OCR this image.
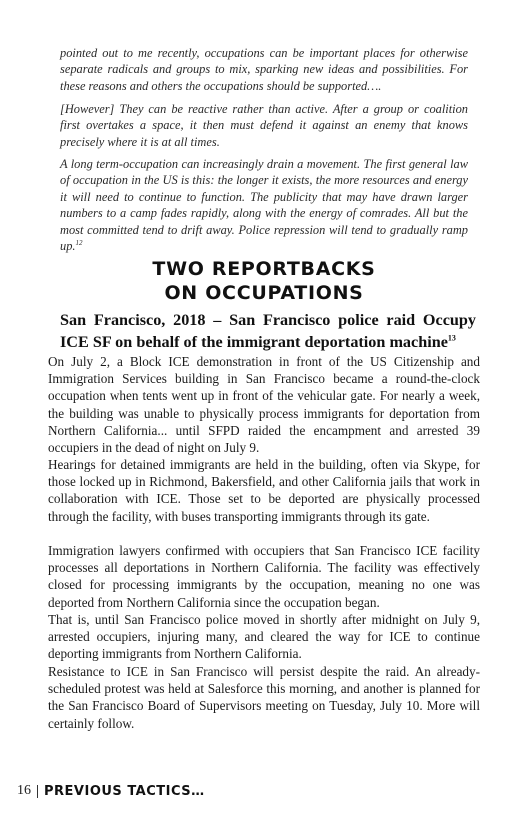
pointed out to me recently, occupations can be important places for otherwise separate radicals and groups to mix, sparking new ideas and possibilities. For these reasons and others the occupations should be supported….

[However] They can be reactive rather than active. After a group or coalition first overtakes a space, it then must defend it against an enemy that knows precisely where it is at all times.

A long term-occupation can increasingly drain a movement. The first general law of occupation in the US is this: the longer it exists, the more resources and energy it will need to continue to function. The publicity that may have drawn larger numbers to a camp fades rapidly, along with the energy of comrades. All but the most committed tend to drift away. Police repression will tend to gradually ramp up.$^{12}$

TWO REPORTBACKS
ON OCCUPATIONS
San Francisco, 2018 – San Francisco police raid Occupy
ICE SF on behalf of the immigrant deportation machine$^{13}$

On July 2, a Block ICE demonstration in front of the US Citizenship and Immigration Services building in San Francisco became a round-the-clock occupation when tents went up in front of the vehicular gate. For nearly a week, the building was unable to physically process immigrants for deportation from Northern California... until SFPD raided the encampment and arrested 39 occupiers in the dead of night on July 9.

Hearings for detained immigrants are held in the building, often via Skype, for those locked up in Richmond, Bakersfield, and other California jails that work in collaboration with ICE. Those set to be deported are physically processed through the facility, with buses transporting immigrants through its gate.

Immigration lawyers confirmed with occupiers that San Francisco ICE facility processes all deportations in Northern California. The facility was effectively closed for processing immigrants by the occupation, meaning no one was deported from Northern California since the occupation began.

That is, until San Francisco police moved in shortly after midnight on July 9, arrested occupiers, injuring many, and cleared the way for ICE to continue deporting immigrants from Northern California.

Resistance to ICE in San Francisco will persist despite the raid. An already-scheduled protest was held at Salesforce this morning, and another is planned for the San Francisco Board of Supervisors meeting on Tuesday, July 10. More will certainly follow.

16 PREVIOUS TACTICS…
